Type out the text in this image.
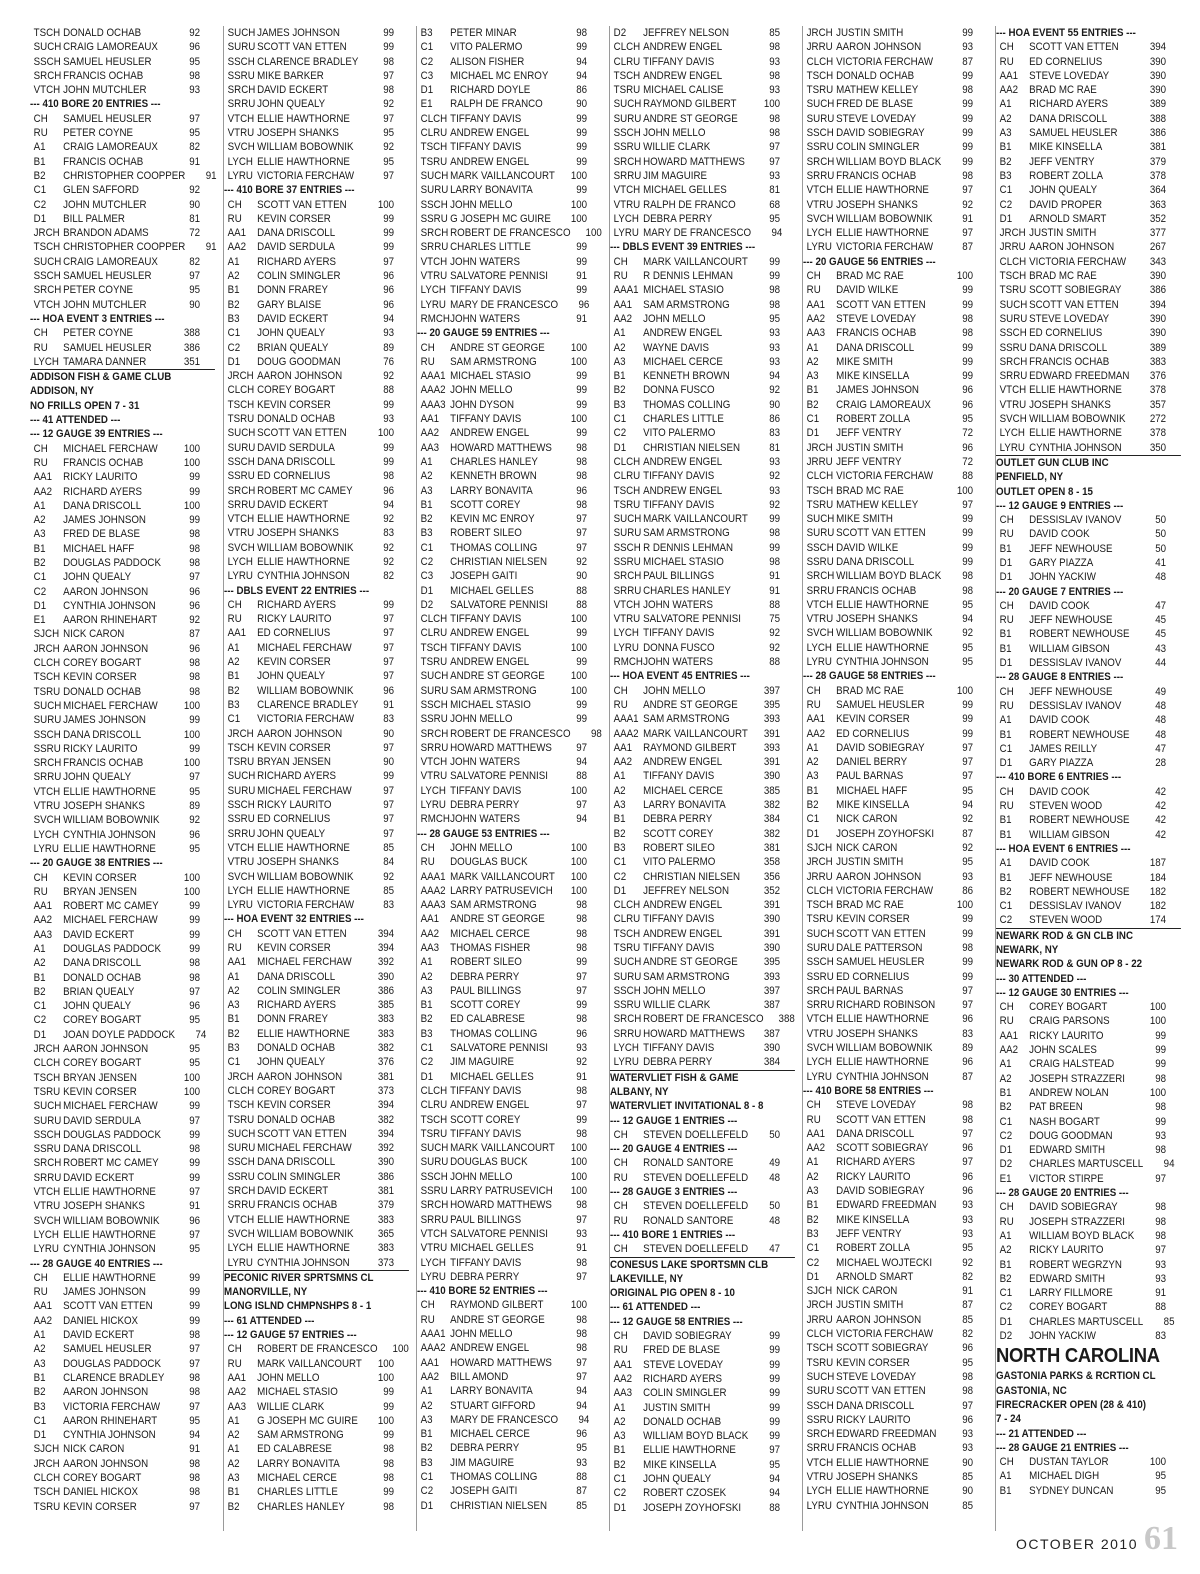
TSCH DONALD OCHAB	92
SUCH CRAIG LAMOREAUX	96
SSCH SAMUEL HEUSLER	95
SRCH FRANCIS OCHAB	98
VTCH JOHN MUTCHLER	93
--- 410 BORE 20 ENTRIES ---
CH	SAMUEL HEUSLER	97
RU	PETER COYNE	95
A1	CRAIG LAMOREAUX	82
B1	FRANCIS OCHAB	91
B2	CHRISTOPHER COOPPER	91
C1	GLEN SAFFORD	92
C2	JOHN MUTCHLER	90
D1	BILL PALMER	81
JRCH BRANDON ADAMS	72
TSCH CHRISTOPHER COOPPER	91
SUCH CRAIG LAMOREAUX	82
SSCH SAMUEL HEUSLER	97
SRCH PETER COYNE	95
VTCH JOHN MUTCHLER	90
--- HOA EVENT 3 ENTRIES ---
CH	PETER COYNE	388
RU	SAMUEL HEUSLER	386
LYCH TAMARA DANNER	351
ADDISON FISH & GAME CLUB
ADDISON, NY
NO FRILLS OPEN 7 - 31
--- 41 ATTENDED ---
--- 12 GAUGE 39 ENTRIES ---
CH	MICHAEL FERCHAW	100
RU	FRANCIS OCHAB	100
AA1	RICKY LAURITO	99
AA2	RICHARD AYERS	99
A1	DANA DRISCOLL	100
A2	JAMES JOHNSON	99
A3	FRED DE BLASE	98
B1	MICHAEL HAFF	98
B2	DOUGLAS PADDOCK	98
C1	JOHN QUEALY	97
C2	AARON JOHNSON	96
D1	CYNTHIA JOHNSON	96
E1	AARON RHINEHART	92
SJCH NICK CARON	87
JRCH AARON JOHNSON	96
CLCH COREY BOGART	98
TSCH KEVIN CORSER	98
TSRU DONALD OCHAB	98
SUCH MICHAEL FERCHAW	100
SURU JAMES JOHNSON	99
SSCH DANA DRISCOLL	100
SSRU RICKY LAURITO	99
SRCH FRANCIS OCHAB	100
SRRU JOHN QUEALY	97
VTCH ELLIE HAWTHORNE	95
VTRU JOSEPH SHANKS	89
SVCH WILLIAM BOBOWNIK	92
LYCH CYNTHIA JOHNSON	96
LYRU ELLIE HAWTHORNE	95
--- 20 GAUGE 38 ENTRIES ---
CH	KEVIN CORSER	100
RU	BRYAN JENSEN	100
AA1	ROBERT MC CAMEY	99
AA2	MICHAEL FERCHAW	99
AA3	DAVID ECKERT	99
A1	DOUGLAS PADDOCK	99
A2	DANA DRISCOLL	98
B1	DONALD OCHAB	98
B2	BRIAN QUEALY	97
C1	JOHN QUEALY	96
C2	COREY BOGART	95
D1	JOAN DOYLE PADDOCK	74
JRCH AARON JOHNSON	95
CLCH COREY BOGART	95
TSCH BRYAN JENSEN	100
TSRU KEVIN CORSER	100
SUCH MICHAEL FERCHAW	99
SURU DAVID SERDULA	97
SSCH DOUGLAS PADDOCK	99
SSRU DANA DRISCOLL	98
SRCH ROBERT MC CAMEY	99
SRRU DAVID ECKERT	99
VTCH ELLIE HAWTHORNE	97
VTRU JOSEPH SHANKS	91
SVCH WILLIAM BOBOWNIK	96
LYCH ELLIE HAWTHORNE	97
LYRU CYNTHIA JOHNSON	95
--- 28 GAUGE 40 ENTRIES ---
CH	ELLIE HAWTHORNE	99
RU	JAMES JOHNSON	99
AA1	SCOTT VAN ETTEN	99
AA2	DANIEL HICKOX	99
A1	DAVID ECKERT	98
A2	SAMUEL HEUSLER	97
A3	DOUGLAS PADDOCK	97
B1	CLARENCE BRADLEY	98
B2	AARON JOHNSON	98
B3	VICTORIA FERCHAW	97
C1	AARON RHINEHART	95
D1	CYNTHIA JOHNSON	94
SJCH NICK CARON	91
JRCH AARON JOHNSON	98
CLCH COREY BOGART	98
TSCH DANIEL HICKOX	98
TSRU KEVIN CORSER	97
SUCH JAMES JOHNSON	99
SURU SCOTT VAN ETTEN	99
SSCH CLARENCE BRADLEY	98
SSRU MIKE BARKER	97
SRCH DAVID ECKERT	98
SRRU JOHN QUEALY	92
VTCH ELLIE HAWTHORNE	97
VTRU JOSEPH SHANKS	95
SVCH WILLIAM BOBOWNIK	92
LYCH ELLIE HAWTHORNE	95
LYRU VICTORIA FERCHAW	97
--- 410 BORE 37 ENTRIES ---
CH	SCOTT VAN ETTEN	100
RU	KEVIN CORSER	99
AA1	DANA DRISCOLL	99
AA2	DAVID SERDULA	99
A1	RICHARD AYERS	97
A2	COLIN SMINGLER	96
B1	DONN FRAREY	96
B2	GARY BLAISE	96
B3	DAVID ECKERT	94
C1	JOHN QUEALY	93
C2	BRIAN QUEALY	89
D1	DOUG GOODMAN	76
JRCH AARON JOHNSON	92
CLCH COREY BOGART	88
TSCH KEVIN CORSER	99
TSRU DONALD OCHAB	93
SUCH SCOTT VAN ETTEN	100
SURU DAVID SERDULA	99
SSCH DANA DRISCOLL	99
SSRU ED CORNELIUS	98
SRCH ROBERT MC CAMEY	96
SRRU DAVID ECKERT	94
VTCH ELLIE HAWTHORNE	92
VTRU JOSEPH SHANKS	83
SVCH WILLIAM BOBOWNIK	92
LYCH ELLIE HAWTHORNE	92
LYRU CYNTHIA JOHNSON	82
--- DBLS EVENT 22 ENTRIES ---
CH	RICHARD AYERS	99
RU	RICKY LAURITO	97
AA1	ED CORNELIUS	97
A1	MICHAEL FERCHAW	97
A2	KEVIN CORSER	97
B1	JOHN QUEALY	97
B2	WILLIAM BOBOWNIK	96
B3	CLARENCE BRADLEY	91
C1	VICTORIA FERCHAW	83
JRCH AARON JOHNSON	90
TSCH KEVIN CORSER	97
TSRU BRYAN JENSEN	90
SUCH RICHARD AYERS	99
SURU MICHAEL FERCHAW	97
SSCH RICKY LAURITO	97
SSRU ED CORNELIUS	97
SRRU JOHN QUEALY	97
VTCH ELLIE HAWTHORNE	85
VTRU JOSEPH SHANKS	84
SVCH WILLIAM BOBOWNIK	92
LYCH ELLIE HAWTHORNE	85
LYRU VICTORIA FERCHAW	83
--- HOA EVENT 32 ENTRIES ---
CH	SCOTT VAN ETTEN	394
RU	KEVIN CORSER	394
AA1	MICHAEL FERCHAW	392
A1	DANA DRISCOLL	390
A2	COLIN SMINGLER	386
A3	RICHARD AYERS	385
B1	DONN FRAREY	383
B2	ELLIE HAWTHORNE	383
B3	DONALD OCHAB	382
C1	JOHN QUEALY	376
JRCH AARON JOHNSON	381
CLCH COREY BOGART	373
TSCH KEVIN CORSER	394
TSRU DONALD OCHAB	382
SUCH SCOTT VAN ETTEN	394
SURU MICHAEL FERCHAW	392
SSCH DANA DRISCOLL	390
SSRU COLIN SMINGLER	386
SRCH DAVID ECKERT	381
SRRU FRANCIS OCHAB	379
VTCH ELLIE HAWTHORNE	383
SVCH WILLIAM BOBOWNIK	365
LYCH ELLIE HAWTHORNE	383
LYRU CYNTHIA JOHNSON	373
PECONIC RIVER SPRTSMNS CL
MANORVILLE, NY
LONG ISLND CHMPNSHPS 8 - 1
--- 61 ATTENDED ---
--- 12 GAUGE 57 ENTRIES ---
CH	ROBERT DE FRANCESCO	100
RU	MARK VAILLANCOURT	100
AA1	JOHN MELLO	100
AA2	MICHAEL STASIO	99
AA3	WILLIE CLARK	99
A1	G JOSEPH MC GUIRE	100
A2	SAM ARMSTRONG	99
A1	ED CALABRESE	98
A2	LARRY BONAVITA	98
A3	MICHAEL CERCE	98
B1	CHARLES LITTLE	99
B2	CHARLES HANLEY	98
B3	PETER MINAR	98
C1	VITO PALERMO	99
C2	ALISON FISHER	94
C3	MICHAEL MC ENROY	94
D1	RICHARD DOYLE	86
E1	RALPH DE FRANCO	90
CLCH TIFFANY DAVIS	99
CLRU ANDREW ENGEL	99
TSCH TIFFANY DAVIS	99
TSRU ANDREW ENGEL	99
SUCH MARK VAILLANCOURT	100
SURU LARRY BONAVITA	99
SSCH JOHN MELLO	100
SSRU G JOSEPH MC GUIRE	100
SRCH ROBERT DE FRANCESCO	100
SRRU CHARLES LITTLE	99
VTCH JOHN WATERS	99
VTRU SALVATORE PENNISI	91
LYCH TIFFANY DAVIS	99
LYRU MARY DE FRANCESCO	96
RMCH JOHN WATERS	91
--- 20 GAUGE 59 ENTRIES ---
CH	ANDRE ST GEORGE	100
RU	SAM ARMSTRONG	100
AAA1 MICHAEL STASIO	99
AAA2 JOHN MELLO	99
AAA3 JOHN DYSON	99
AA1	TIFFANY DAVIS	100
AA2	ANDREW ENGEL	99
AA3	HOWARD MATTHEWS	98
A1	CHARLES HANLEY	98
A2	KENNETH BROWN	98
A3	LARRY BONAVITA	96
B1	SCOTT COREY	98
B2	KEVIN MC ENROY	97
B3	ROBERT SILEO	97
C1	THOMAS COLLING	97
C2	CHRISTIAN NIELSEN	92
C3	JOSEPH GAITI	90
D1	MICHAEL GELLES	88
D2	SALVATORE PENNISI	88
CLCH TIFFANY DAVIS	100
CLRU ANDREW ENGEL	99
TSCH TIFFANY DAVIS	100
TSRU ANDREW ENGEL	99
SUCH ANDRE ST GEORGE	100
SURU SAM ARMSTRONG	100
SSCH MICHAEL STASIO	99
SSRU JOHN MELLO	99
SRCH ROBERT DE FRANCESCO	98
SRRU HOWARD MATTHEWS	97
VTCH JOHN WATERS	94
VTRU SALVATORE PENNISI	88
LYCH TIFFANY DAVIS	100
LYRU DEBRA PERRY	97
RMCH JOHN WATERS	94
--- 28 GAUGE 53 ENTRIES ---
CH	JOHN MELLO	100
RU	DOUGLAS BUCK	100
AAA1 MARK VAILLANCOURT	100
AAA2 LARRY PATRUSEVICH	100
AAA3 SAM ARMSTRONG	98
AA1	ANDRE ST GEORGE	98
AA2	MICHAEL CERCE	98
AA3	THOMAS FISHER	98
A1	ROBERT SILEO	99
A2	DEBRA PERRY	97
A3	PAUL BILLINGS	97
B1	SCOTT COREY	99
B2	ED CALABRESE	98
B3	THOMAS COLLING	96
C1	SALVATORE PENNISI	93
C2	JIM MAGUIRE	92
D1	MICHAEL GELLES	91
CLCH TIFFANY DAVIS	98
CLRU ANDREW ENGEL	97
TSCH SCOTT COREY	99
TSRU TIFFANY DAVIS	98
SUCH MARK VAILLANCOURT	100
SURU DOUGLAS BUCK	100
SSCH JOHN MELLO	100
SSRU LARRY PATRUSEVICH	100
SRCH HOWARD MATTHEWS	98
SRRU PAUL BILLINGS	97
VTCH SALVATORE PENNISI	93
VTRU MICHAEL GELLES	91
LYCH TIFFANY DAVIS	98
LYRU DEBRA PERRY	97
--- 410 BORE 52 ENTRIES ---
CH	RAYMOND GILBERT	100
RU	ANDRE ST GEORGE	98
AAA1 JOHN MELLO	98
AAA2 ANDREW ENGEL	98
AA1	HOWARD MATTHEWS	97
AA2	BILL AMOND	97
A1	LARRY BONAVITA	94
A2	STUART GIFFORD	94
A3	MARY DE FRANCESCO	94
B1	MICHAEL CERCE	96
B2	DEBRA PERRY	95
B3	JIM MAGUIRE	93
C1	THOMAS COLLING	88
C2	JOSEPH GAITI	87
D1	CHRISTIAN NIELSEN	85
D2	JEFFREY NELSON	85
CLCH ANDREW ENGEL	98
CLRU TIFFANY DAVIS	93
TSCH ANDREW ENGEL	98
TSRU MICHAEL CALISE	93
SUCH RAYMOND GILBERT	100
SURU ANDRE ST GEORGE	98
SSCH JOHN MELLO	98
SSRU WILLIE CLARK	97
SRCH HOWARD MATTHEWS	97
SRRU JIM MAGUIRE	93
VTCH MICHAEL GELLES	81
VTRU RALPH DE FRANCO	68
LYCH DEBRA PERRY	95
LYRU MARY DE FRANCESCO	94
--- DBLS EVENT 39 ENTRIES ---
CH	MARK VAILLANCOURT	99
RU	R DENNIS LEHMAN	99
AAA1 MICHAEL STASIO	98
AA1	SAM ARMSTRONG	98
AA2	JOHN MELLO	95
A1	ANDREW ENGEL	93
A2	WAYNE DAVIS	93
A3	MICHAEL CERCE	93
B1	KENNETH BROWN	94
B2	DONNA FUSCO	92
B3	THOMAS COLLING	90
C1	CHARLES LITTLE	86
C2	VITO PALERMO	83
D1	CHRISTIAN NIELSEN	81
CLCH ANDREW ENGEL	93
CLRU TIFFANY DAVIS	92
TSCH ANDREW ENGEL	93
TSRU TIFFANY DAVIS	92
SUCH MARK VAILLANCOURT	99
SURU SAM ARMSTRONG	98
SSCH R DENNIS LEHMAN	99
SSRU MICHAEL STASIO	98
SRCH PAUL BILLINGS	91
SRRU CHARLES HANLEY	91
VTCH JOHN WATERS	88
VTRU SALVATORE PENNISI	75
LYCH TIFFANY DAVIS	92
LYRU DONNA FUSCO	92
RMCH JOHN WATERS	88
--- HOA EVENT 45 ENTRIES ---
CH	JOHN MELLO	397
RU	ANDRE ST GEORGE	395
AAA1 SAM ARMSTRONG	393
AAA2 MARK VAILLANCOURT	391
AA1	RAYMOND GILBERT	393
AA2	ANDREW ENGEL	391
A1	TIFFANY DAVIS	390
A2	MICHAEL CERCE	385
A3	LARRY BONAVITA	382
B1	DEBRA PERRY	384
B2	SCOTT COREY	382
B3	ROBERT SILEO	381
C1	VITO PALERMO	358
C2	CHRISTIAN NIELSEN	356
D1	JEFFREY NELSON	352
CLCH ANDREW ENGEL	391
CLRU TIFFANY DAVIS	390
TSCH ANDREW ENGEL	391
TSRU TIFFANY DAVIS	390
SUCH ANDRE ST GEORGE	395
SURU SAM ARMSTRONG	393
SSCH JOHN MELLO	397
SSRU WILLIE CLARK	387
SRCH ROBERT DE FRANCESCO	388
SRRU HOWARD MATTHEWS	387
LYCH TIFFANY DAVIS	390
LYRU DEBRA PERRY	384
WATERVLIET FISH & GAME
ALBANY, NY
WATERVLIET INVITATIONAL 8 - 8
--- 12 GAUGE 1 ENTRIES ---
CH	STEVEN DOELLEFELD	50
--- 20 GAUGE 4 ENTRIES ---
CH	RONALD SANTORE	49
RU	STEVEN DOELLEFELD	48
--- 28 GAUGE 3 ENTRIES ---
CH	STEVEN DOELLEFELD	50
RU	RONALD SANTORE	48
--- 410 BORE 1 ENTRIES ---
CH	STEVEN DOELLEFELD	47
CONESUS LAKE SPORTSMN CLB
LAKEVILLE, NY
ORIGINAL PIG OPEN 8 - 10
--- 61 ATTENDED ---
--- 12 GAUGE 58 ENTRIES ---
CH	DAVID SOBIEGRAY	99
RU	FRED DE BLASE	99
AA1	STEVE LOVEDAY	99
AA2	RICHARD AYERS	99
AA3	COLIN SMINGLER	99
A1	JUSTIN SMITH	99
A2	DONALD OCHAB	99
A3	WILLIAM BOYD BLACK	99
B1	ELLIE HAWTHORNE	97
B2	MIKE KINSELLA	95
C1	JOHN QUEALY	94
C2	ROBERT CZOSEK	94
D1	JOSEPH ZOYHOFSKI	88
JRCH JUSTIN SMITH	99
JRRU AARON JOHNSON	93
CLCH VICTORIA FERCHAW	87
TSCH DONALD OCHAB	99
TSRU MATHEW KELLEY	98
SUCH FRED DE BLASE	99
SURU STEVE LOVEDAY	99
SSCH DAVID SOBIEGRAY	99
SSRU COLIN SMINGLER	99
SRCH WILLIAM BOYD BLACK	99
SRRU FRANCIS OCHAB	98
VTCH ELLIE HAWTHORNE	97
VTRU JOSEPH SHANKS	92
SVCH WILLIAM BOBOWNIK	91
LYCH ELLIE HAWTHORNE	97
LYRU VICTORIA FERCHAW	87
--- 20 GAUGE 56 ENTRIES ---
CH	BRAD MC RAE	100
RU	DAVID WILKE	99
AA1	SCOTT VAN ETTEN	99
AA2	STEVE LOVEDAY	98
AA3	FRANCIS OCHAB	98
A1	DANA DRISCOLL	99
A2	MIKE SMITH	99
A3	MIKE KINSELLA	99
B1	JAMES JOHNSON	96
B2	CRAIG LAMOREAUX	96
C1	ROBERT ZOLLA	95
D1	JEFF VENTRY	72
JRCH JUSTIN SMITH	96
JRRU JEFF VENTRY	72
CLCH VICTORIA FERCHAW	88
TSCH BRAD MC RAE	100
TSRU MATHEW KELLEY	97
SUCH MIKE SMITH	99
SURU SCOTT VAN ETTEN	99
SSCH DAVID WILKE	99
SSRU DANA DRISCOLL	99
SRCH WILLIAM BOYD BLACK	98
SRRU FRANCIS OCHAB	98
VTCH ELLIE HAWTHORNE	95
VTRU JOSEPH SHANKS	94
SVCH WILLIAM BOBOWNIK	92
LYCH ELLIE HAWTHORNE	95
LYRU CYNTHIA JOHNSON	95
--- 28 GAUGE 58 ENTRIES ---
CH	BRAD MC RAE	100
RU	SAMUEL HEUSLER	99
AA1	KEVIN CORSER	99
AA2	ED CORNELIUS	99
A1	DAVID SOBIEGRAY	97
A2	DANIEL BERRY	97
A3	PAUL BARNAS	97
B1	MICHAEL HAFF	95
B2	MIKE KINSELLA	94
C1	NICK CARON	92
D1	JOSEPH ZOYHOFSKI	87
SJCH NICK CARON	92
JRCH JUSTIN SMITH	95
JRRU AARON JOHNSON	93
CLCH VICTORIA FERCHAW	86
TSCH BRAD MC RAE	100
TSRU KEVIN CORSER	99
SUCH SCOTT VAN ETTEN	99
SURU DALE PATTERSON	98
SSCH SAMUEL HEUSLER	99
SSRU ED CORNELIUS	99
SRCH PAUL BARNAS	97
SRRU RICHARD ROBINSON	97
VTCH ELLIE HAWTHORNE	96
VTRU JOSEPH SHANKS	83
SVCH WILLIAM BOBOWNIK	89
LYCH ELLIE HAWTHORNE	96
LYRU CYNTHIA JOHNSON	87
--- 410 BORE 58 ENTRIES ---
CH	STEVE LOVEDAY	98
RU	SCOTT VAN ETTEN	98
AA1	DANA DRISCOLL	97
AA2	SCOTT SOBIEGRAY	96
A1	RICHARD AYERS	97
A2	RICKY LAURITO	96
A3	DAVID SOBIEGRAY	96
B1	EDWARD FREEDMAN	93
B2	MIKE KINSELLA	93
B3	JEFF VENTRY	93
C1	ROBERT ZOLLA	95
C2	MICHAEL WOJTECKI	92
D1	ARNOLD SMART	82
SJCH NICK CARON	91
JRCH JUSTIN SMITH	87
JRRU AARON JOHNSON	85
CLCH VICTORIA FERCHAW	82
TSCH SCOTT SOBIEGRAY	96
TSRU KEVIN CORSER	95
SUCH STEVE LOVEDAY	98
SURU SCOTT VAN ETTEN	98
SSCH DANA DRISCOLL	97
SSRU RICKY LAURITO	96
SRCH EDWARD FREEDMAN	93
SRRU FRANCIS OCHAB	93
VTCH ELLIE HAWTHORNE	90
VTRU JOSEPH SHANKS	85
LYCH ELLIE HAWTHORNE	90
LYRU CYNTHIA JOHNSON	85
--- HOA EVENT 55 ENTRIES ---
CH	SCOTT VAN ETTEN	394
RU	ED CORNELIUS	390
AA1	STEVE LOVEDAY	390
AA2	BRAD MC RAE	390
A1	RICHARD AYERS	389
A2	DANA DRISCOLL	388
A3	SAMUEL HEUSLER	386
B1	MIKE KINSELLA	381
B2	JEFF VENTRY	379
B3	ROBERT ZOLLA	378
C1	JOHN QUEALY	364
C2	DAVID PROPER	363
D1	ARNOLD SMART	352
JRCH JUSTIN SMITH	377
JRRU AARON JOHNSON	267
CLCH VICTORIA FERCHAW	343
TSCH BRAD MC RAE	390
TSRU SCOTT SOBIEGRAY	386
SUCH SCOTT VAN ETTEN	394
SURU STEVE LOVEDAY	390
SSCH ED CORNELIUS	390
SSRU DANA DRISCOLL	389
SRCH FRANCIS OCHAB	383
SRRU EDWARD FREEDMAN	376
VTCH ELLIE HAWTHORNE	378
VTRU JOSEPH SHANKS	357
SVCH WILLIAM BOBOWNIK	272
LYCH ELLIE HAWTHORNE	378
LYRU CYNTHIA JOHNSON	350
OUTLET GUN CLUB INC
PENFIELD, NY
OUTLET OPEN 8 - 15
--- 12 GAUGE 9 ENTRIES ---
CH	DESSISLAV IVANOV	50
RU	DAVID COOK	50
B1	JEFF NEWHOUSE	50
D1	GARY PIAZZA	41
D1	JOHN YACKIW	48
--- 20 GAUGE 7 ENTRIES ---
CH	DAVID COOK	47
RU	JEFF NEWHOUSE	45
B1	ROBERT NEWHOUSE	45
B1	WILLIAM GIBSON	43
D1	DESSISLAV IVANOV	44
--- 28 GAUGE 8 ENTRIES ---
CH	JEFF NEWHOUSE	49
RU	DESSISLAV IVANOV	48
A1	DAVID COOK	48
B1	ROBERT NEWHOUSE	48
C1	JAMES REILLY	47
D1	GARY PIAZZA	28
--- 410 BORE 6 ENTRIES ---
CH	DAVID COOK	42
RU	STEVEN WOOD	42
B1	ROBERT NEWHOUSE	42
B1	WILLIAM GIBSON	42
--- HOA EVENT 6 ENTRIES ---
A1	DAVID COOK	187
B1	JEFF NEWHOUSE	184
B2	ROBERT NEWHOUSE	182
C1	DESSISLAV IVANOV	182
C2	STEVEN WOOD	174
NEWARK ROD & GN CLB INC
NEWARK, NY
NEWARK ROD & GUN OP 8 - 22
--- 30 ATTENDED ---
--- 12 GAUGE 30 ENTRIES ---
CH	COREY BOGART	100
RU	CRAIG PARSONS	100
AA1	RICKY LAURITO	99
AA2	JOHN SCALES	99
A1	CRAIG HALSTEAD	99
A2	JOSEPH STRAZZERI	98
B1	ANDREW NOLAN	100
B2	PAT BREEN	98
C1	NASH BOGART	99
C2	DOUG GOODMAN	93
D1	EDWARD SMITH	98
D2	CHARLES MARTUSCELL	94
E1	VICTOR STIRPE	97
--- 28 GAUGE 20 ENTRIES ---
CH	DAVID SOBIEGRAY	98
RU	JOSEPH STRAZZERI	98
A1	WILLIAM BOYD BLACK	98
A2	RICKY LAURITO	97
B1	ROBERT WEGRZYN	93
B2	EDWARD SMITH	93
C1	LARRY FILLMORE	91
C2	COREY BOGART	88
D1	CHARLES MARTUSCELL	85
D2	JOHN YACKIW	83
NORTH CAROLINA
GASTONIA PARKS & RCRTION CL
GASTONIA, NC
FIRECRACKER OPEN (28 & 410)
7 - 24
--- 21 ATTENDED ---
--- 28 GAUGE 21 ENTRIES ---
CH	DUSTAN TAYLOR	100
A1	MICHAEL DIGH	95
B1	SYDNEY DUNCAN	95
OCTOBER 2010 61
